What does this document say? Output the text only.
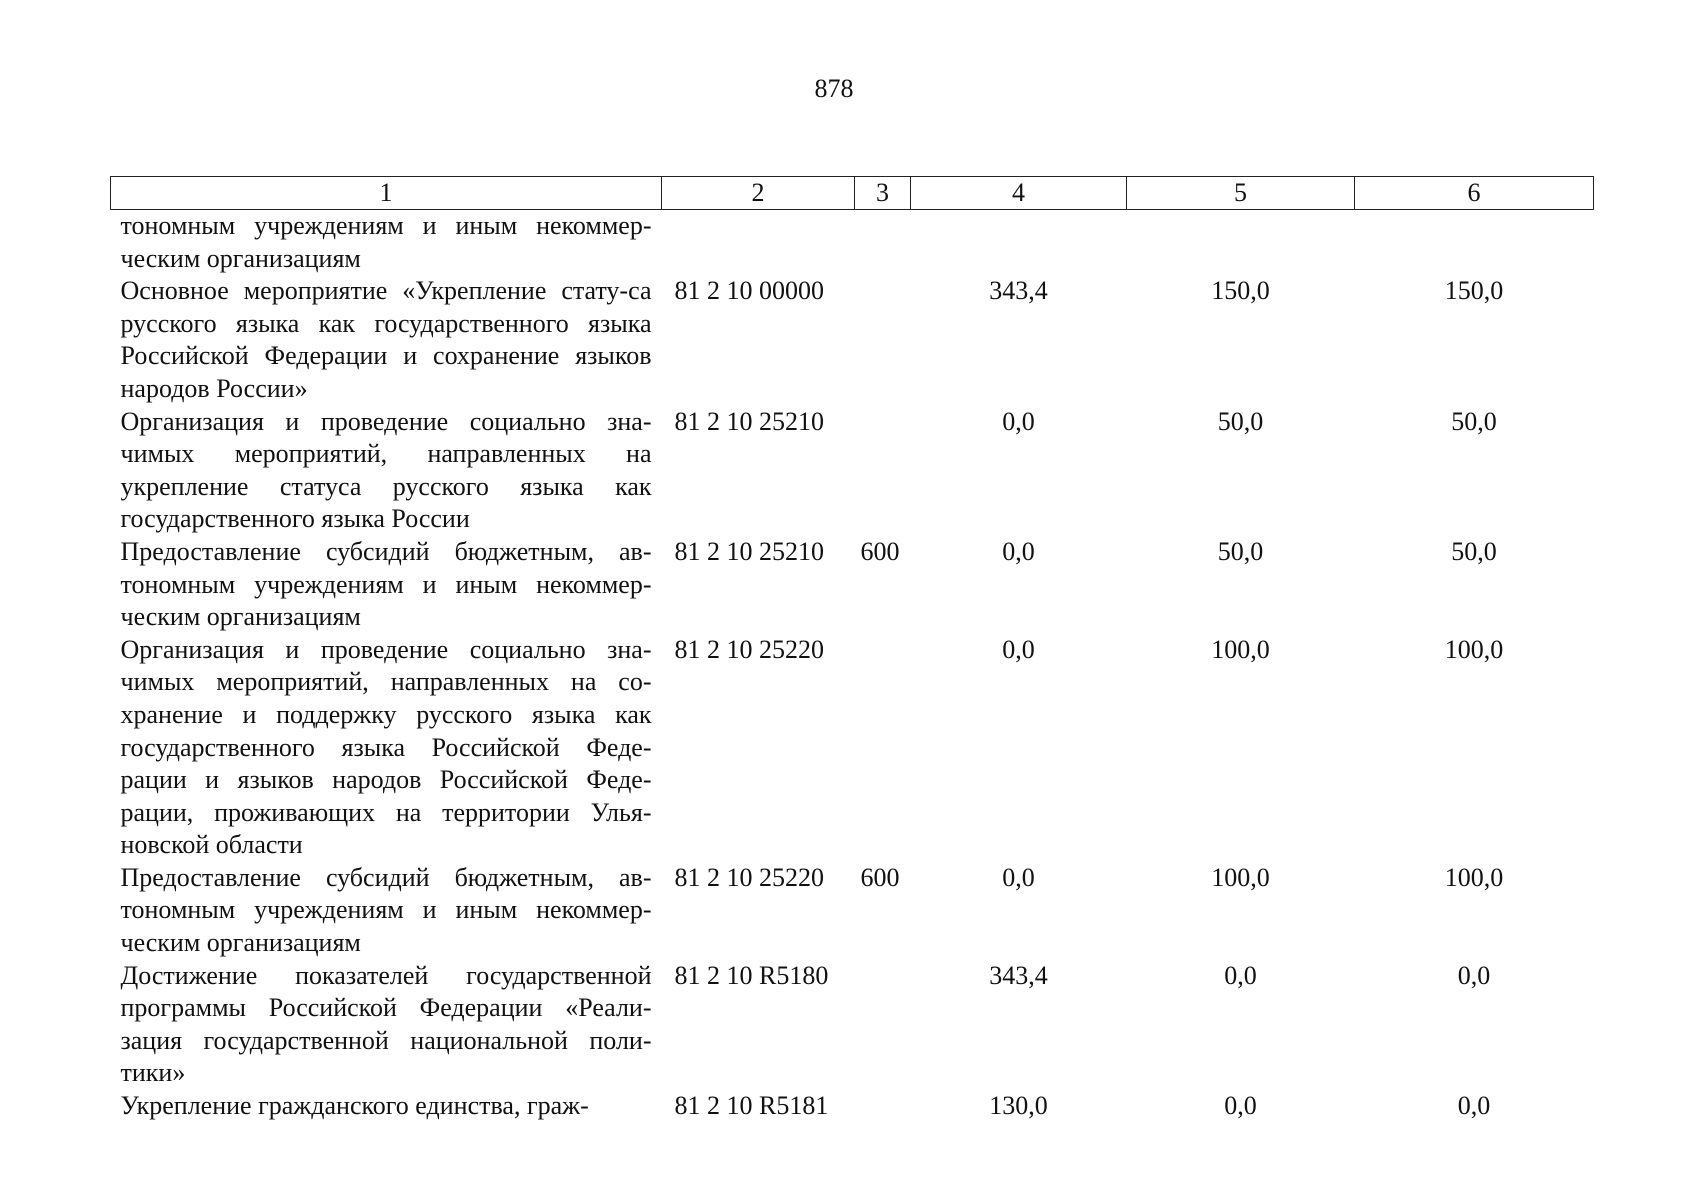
878
1	2	3	4	5	6
тономным учреждениям и иным некоммер-ческим организациям					
Основное мероприятие «Укрепление стату-са русского языка как государственного языка Российской Федерации и сохранение языков народов России»	81 2 10 00000		343,4	150,0	150,0
Организация и проведение социально зна-чимых мероприятий, направленных на укрепление статуса русского языка как государственного языка России	81 2 10 25210		0,0	50,0	50,0
Предоставление субсидий бюджетным, ав-тономным учреждениям и иным некоммер-ческим организациям	81 2 10 25210	600	0,0	50,0	50,0
Организация и проведение социально зна-чимых мероприятий, направленных на со-хранение и поддержку русского языка как государственного языка Российской Феде-рации и языков народов Российской Феде-рации, проживающих на территории Улья-новской области	81 2 10 25220		0,0	100,0	100,0
Предоставление субсидий бюджетным, ав-тономным учреждениям и иным некоммер-ческим организациям	81 2 10 25220	600	0,0	100,0	100,0
Достижение показателей государственной программы Российской Федерации «Реали-зация государственной национальной поли-тики»	81 2 10 R5180		343,4	0,0	0,0
Укрепление гражданского единства, граж-	81 2 10 R5181		130,0	0,0	0,0
